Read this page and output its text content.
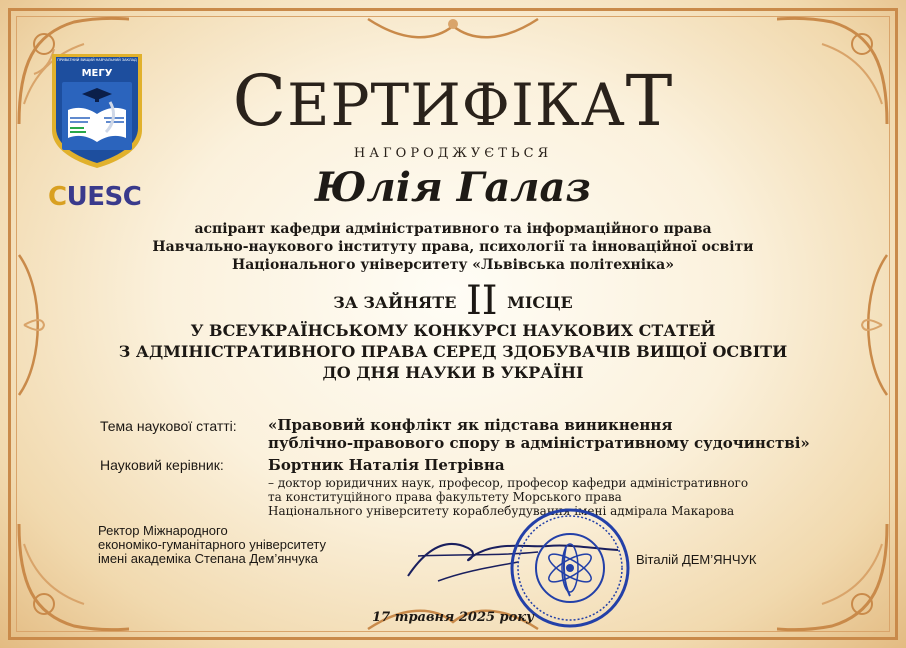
ПРИВАТНИЙ ВИЩИЙ НАВЧАЛЬНИЙ ЗАКЛАД
МЕГУ
CUESC
СЕРТИФІКАТ
НАГОРОДЖУЄТЬСЯ
Юлія Галаз
аспірант кафедри адміністративного та інформаційного права
Навчально-наукового інституту права, психології та інноваційної освіти
Національного університету «Львівська політехніка»
ЗА ЗАЙНЯТЕ II МІСЦЕ
У ВСЕУКРАЇНСЬКОМУ КОНКУРСІ НАУКОВИХ СТАТЕЙ
З АДМІНІСТРАТИВНОГО ПРАВА СЕРЕД ЗДОБУВАЧІВ ВИЩОЇ ОСВІТИ
ДО ДНЯ НАУКИ В УКРАЇНІ
Тема наукової статті: «Правовий конфлікт як підстава виникнення
публічно-правового спору в адміністративному судочинстві»
Науковий керівник:	Бортник Наталія Петрівна
– доктор юридичних наук, професор, професор кафедри адміністративного
та конституційного права факультету Морського права
Національного університету кораблебудування імені адмірала Макарова
Ректор Міжнародного
економіко-гуманітарного університету
імені академіка Степана Дем’янчука	Віталій ДЕМ’ЯНЧУК
17 травня 2025 року
